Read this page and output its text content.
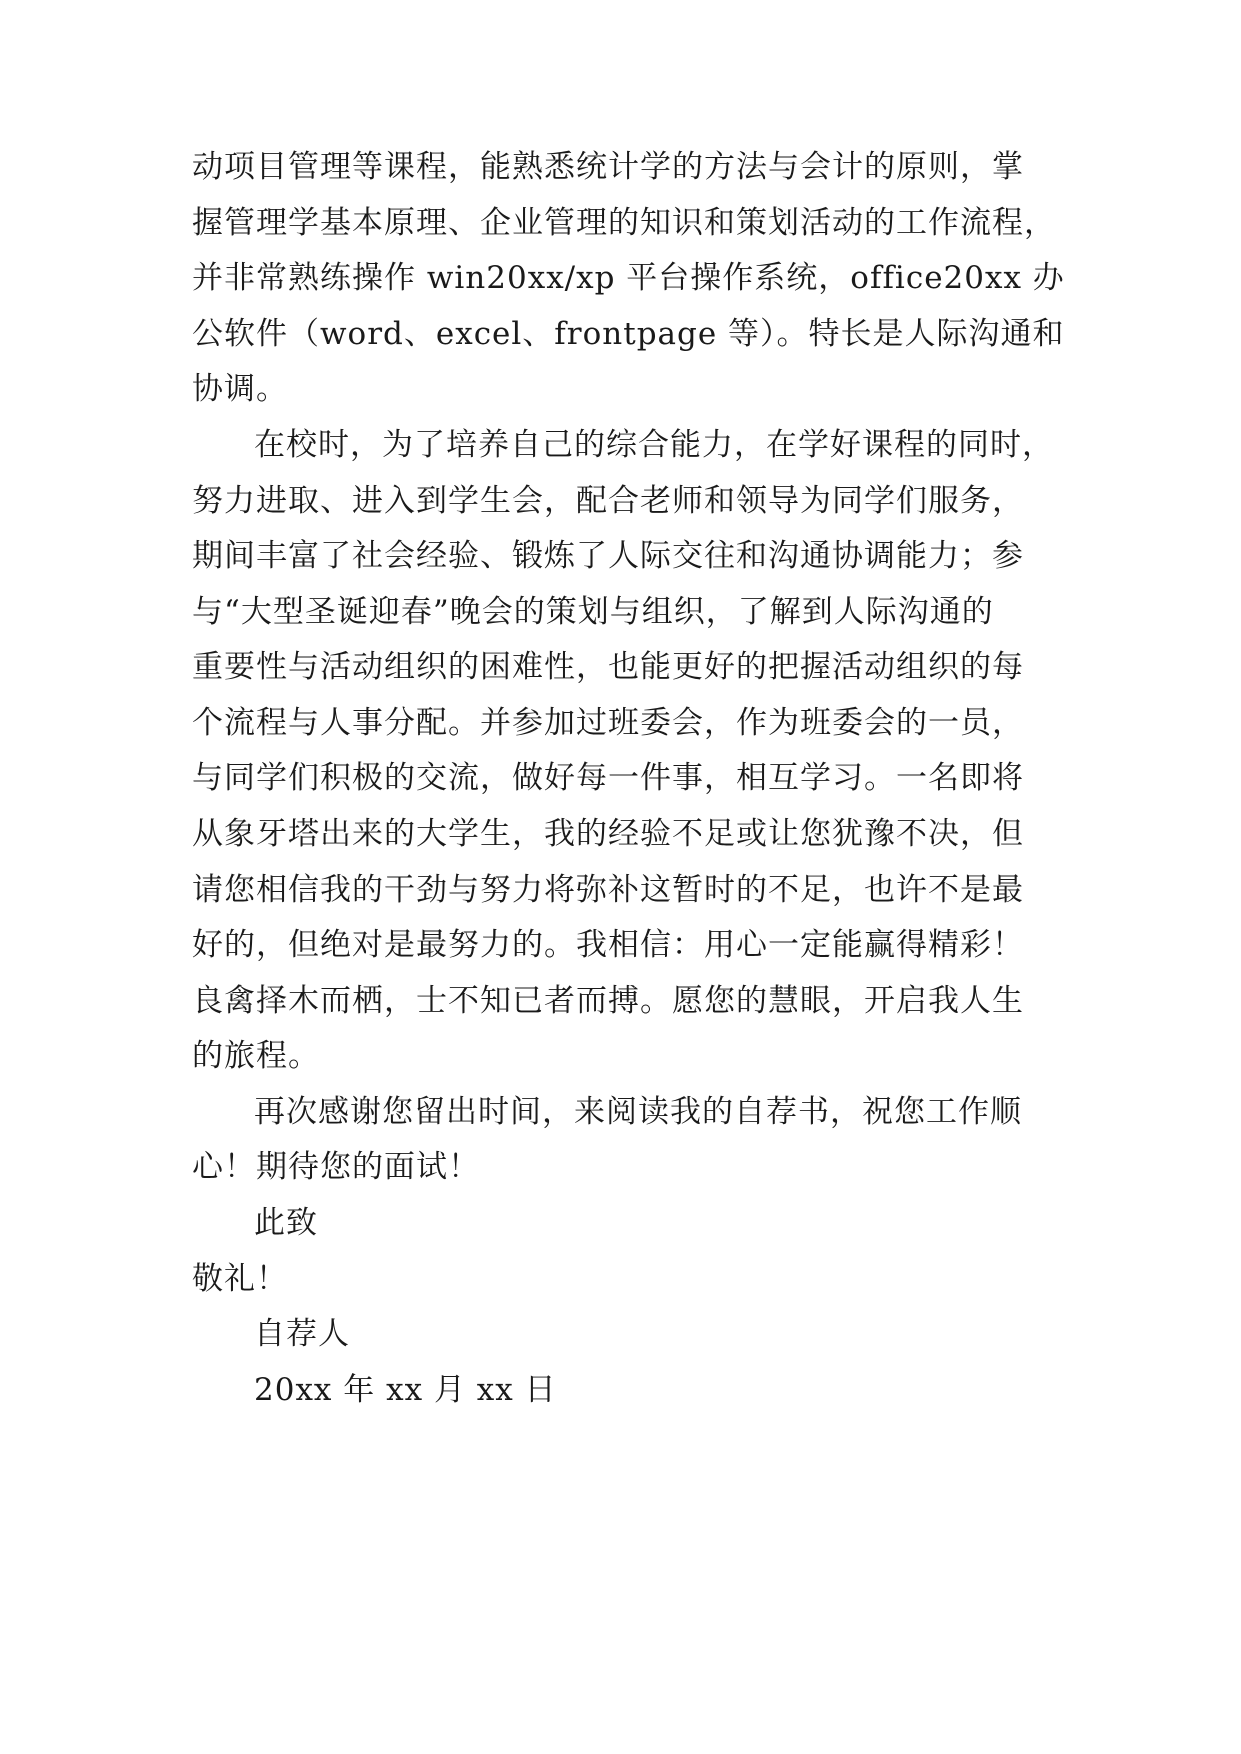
动项目管理等课程，能熟悉统计学的方法与会计的原则，掌

握管理学基本原理、企业管理的知识和策划活动的工作流程，

并非常熟练操作 win20xx/xp 平台操作系统，office20xx 办

公软件（word、excel、frontpage 等）。特长是人际沟通和

协调。

在校时，为了培养自己的综合能力，在学好课程的同时，

努力进取、进入到学生会，配合老师和领导为同学们服务，

期间丰富了社会经验、锻炼了人际交往和沟通协调能力；参

与“大型圣诞迎春”晚会的策划与组织，了解到人际沟通的

重要性与活动组织的困难性，也能更好的把握活动组织的每

个流程与人事分配。并参加过班委会，作为班委会的一员，

与同学们积极的交流，做好每一件事，相互学习。一名即将

从象牙塔出来的大学生，我的经验不足或让您犹豫不决，但

请您相信我的干劲与努力将弥补这暂时的不足，也许不是最

好的，但绝对是最努力的。我相信：用心一定能赢得精彩！

良禽择木而栖，士不知已者而搏。愿您的慧眼，开启我人生

的旅程。

再次感谢您留出时间，来阅读我的自荐书，祝您工作顺

心！期待您的面试！

此致

敬礼！

自荐人

20xx 年 xx 月 xx 日
